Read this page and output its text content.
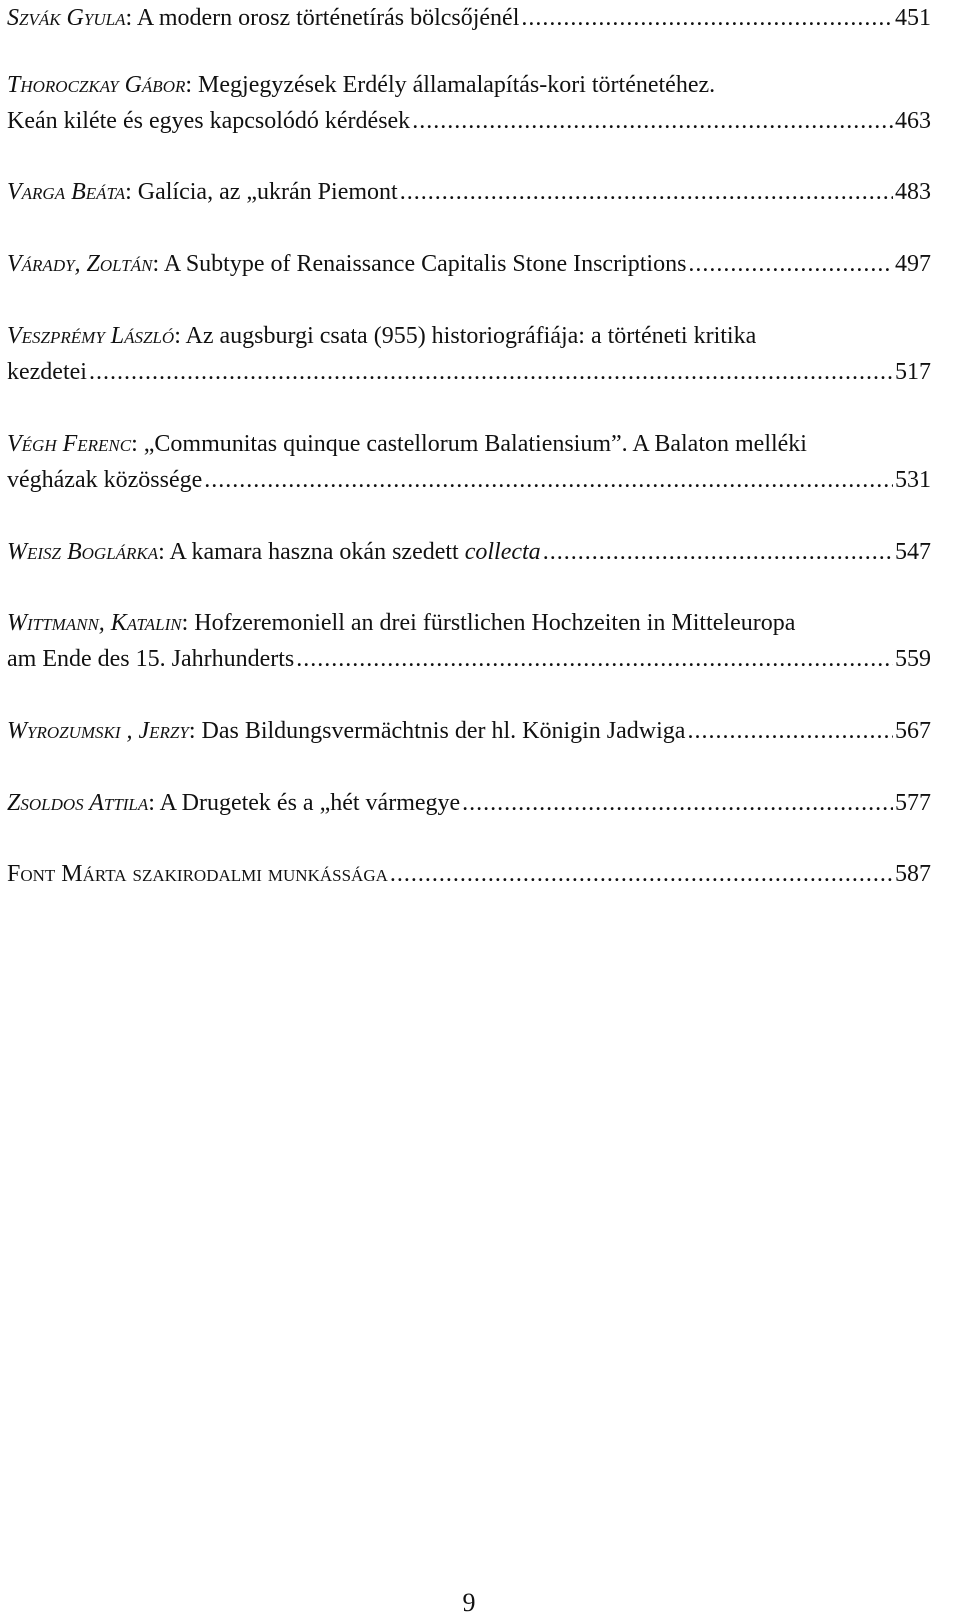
Szvák Gyula: A modern orosz történetírás bölcsőjénél .....	451
Thoroczkay Gábor: Megjegyzések Erdély államalapítás-kori történetéhez.
Keán kiléte és egyes kapcsolódó kérdések .....	463
Varga Beáta: Galícia, az „ukrán Piemont .....	483
Várady, Zoltán: A Subtype of Renaissance Capitalis Stone Inscriptions .....	497
Veszprémy László: Az augsburgi csata (955) historiográfiája: a történeti kritika
kezdetei .....	517
Végh Ferenc: „Communitas quinque castellorum Balatiensium”. A Balaton melléki
végházak közössége .....	531
Weisz Boglárka: A kamara haszna okán szedett collecta .....	547
Wittmann, Katalin: Hofzeremoniell an drei fürstlichen Hochzeiten in Mitteleuropa
am Ende des 15. Jahrhunderts .....	559
Wyrozumski , Jerzy: Das Bildungsvermächtnis der hl. Königin Jadwiga .....	567
Zsoldos Attila: A Drugetek és a „hét vármegye .....	577
Font Márta szakirodalmi munkássága .....	587
9
